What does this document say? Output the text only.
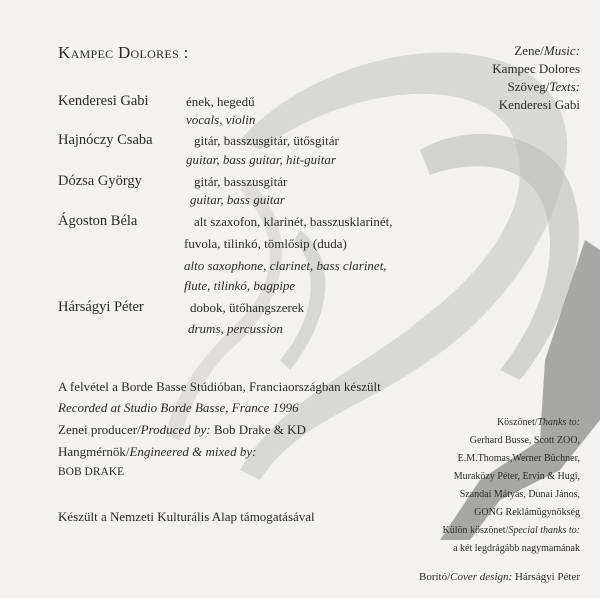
Kampec Dolores :	Zene/Music:
Kampec Dolores
Szöveg/Texts:
Kenderesi Gabi
Kenderesi Gabi	ének, hegedű
vocals, violin
Hajnóczy Csaba	gitár, basszusgitár, ütősgitár
guitar, bass guitar, hit-guitar
Dózsa György	gitár, basszusgitár
guitar, bass guitar
Ágoston Béla	alt szaxofon, klarinét, basszusklarinét,
fuvola, tilinkó, tömlősip (duda)
alto saxophone, clarinet, bass clarinet,
flute, tilinkó, bagpipe
Hárságyi Péter	dobok, ütőhangszerek
drums, percussion
A felvétel a Borde Basse Stúdióban, Franciaországban készült
Recorded at Studio Borde Basse, France 1996
Zenei producer/Produced by: Bob Drake & KD
Hangmérnök/Engineered & mixed by:
BOB DRAKE
Készült a Nemzeti Kulturális Alap támogatásával
Köszönet/Thanks to:
Gerhard Busse, Scott ZOO,
E.M.Thomas,Werner Büchner,
Muraközy Péter, Ervin & Hugi,
Szandai Mátyás, Dunai János,
GONG Reklámügynökség
Külön köszönet/Special thanks to:
a két legdrágább nagymamának
Borító/Cover design: Hárságyi Péter
